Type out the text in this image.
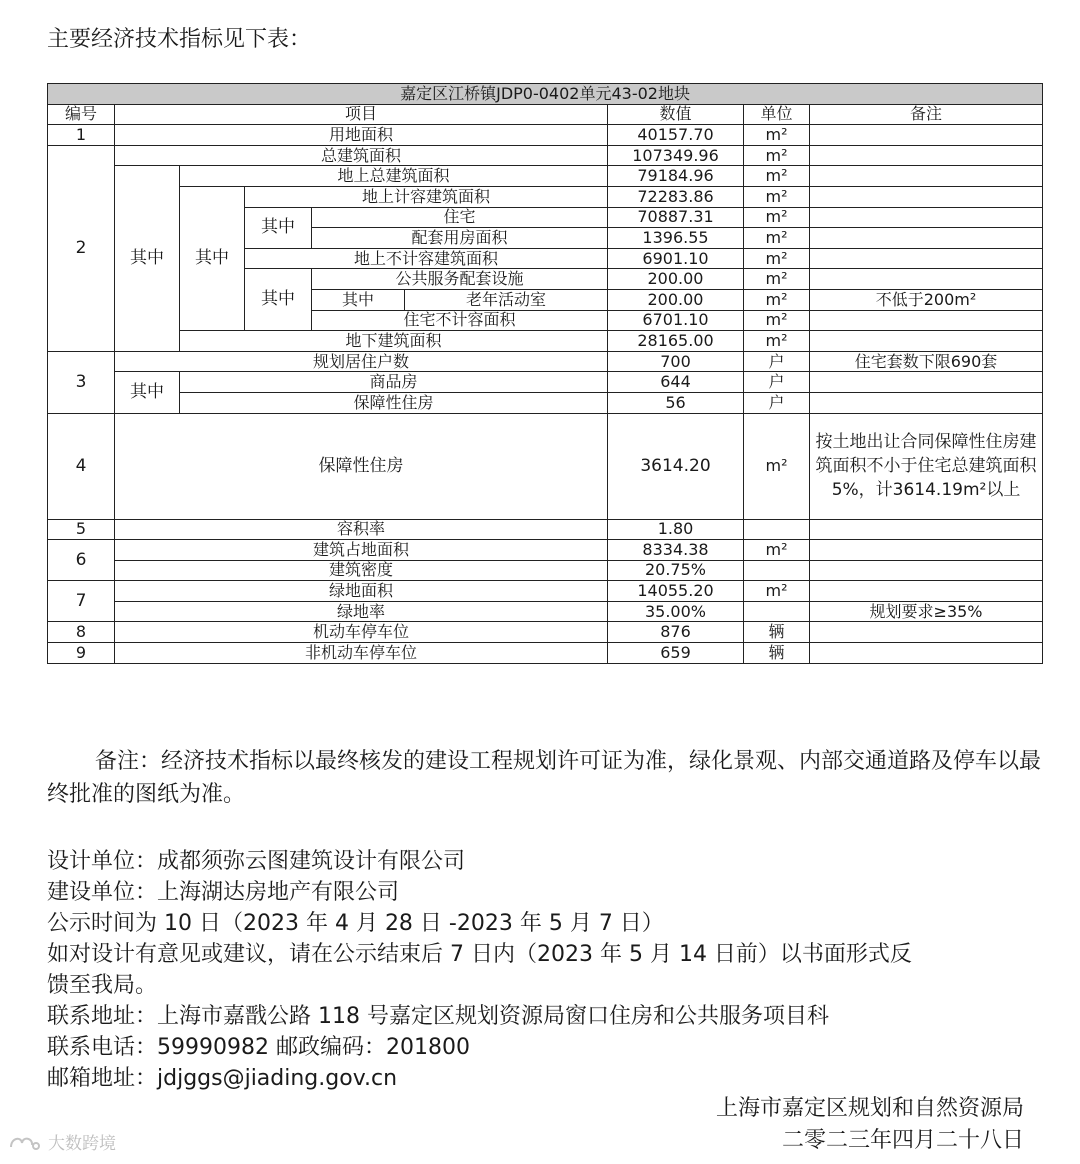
主要经济技术指标见下表：
嘉定区江桥镇JDP0-0402单元43-02地块								
编号	项目					数值	单位	备注
1	用地面积					40157.70	m²	
2	总建筑面积					107349.96	m²	
	其中	地上总建筑面积				79184.96	m²	
		其中	地上计容建筑面积			72283.86	m²	
			其中	住宅		70887.31	m²	
				配套用房面积		1396.55	m²	
			地上不计容建筑面积			6901.10	m²	
			其中	公共服务配套设施		200.00	m²	
				其中	老年活动室	200.00	m²	不低于200m²
				住宅不计容面积		6701.10	m²	
		地下建筑面积				28165.00	m²	
3	规划居住户数					700	户	住宅套数下限690套
	其中	商品房				644	户	
		保障性住房				56	户	
4	保障性住房					3614.20	m²	按土地出让合同保障性住房建筑面积不小于住宅总建筑面积5%，计3614.19m²以上
5	容积率					1.80		
6	建筑占地面积					8334.38	m²	
	建筑密度					20.75%		
7	绿地面积					14055.20	m²	
	绿地率					35.00%		规划要求≥35%
8	机动车停车位					876	辆	
9	非机动车停车位					659	辆	
备注：经济技术指标以最终核发的建设工程规划许可证为准，绿化景观、内部交通道路及停车以最终批准的图纸为准。
设计单位：成都须弥云图建筑设计有限公司
建设单位：上海湖达房地产有限公司
公示时间为 10 日（2023 年 4 月 28 日 -2023 年 5 月 7 日）
如对设计有意见或建议，请在公示结束后 7 日内（2023 年 5 月 14 日前）以书面形式反
馈至我局。
联系地址：上海市嘉戬公路 118 号嘉定区规划资源局窗口住房和公共服务项目科
联系电话：59990982 邮政编码：201800
邮箱地址：jdjggs@jiading.gov.cn
上海市嘉定区规划和自然资源局
二零二三年四月二十八日
大数跨境
